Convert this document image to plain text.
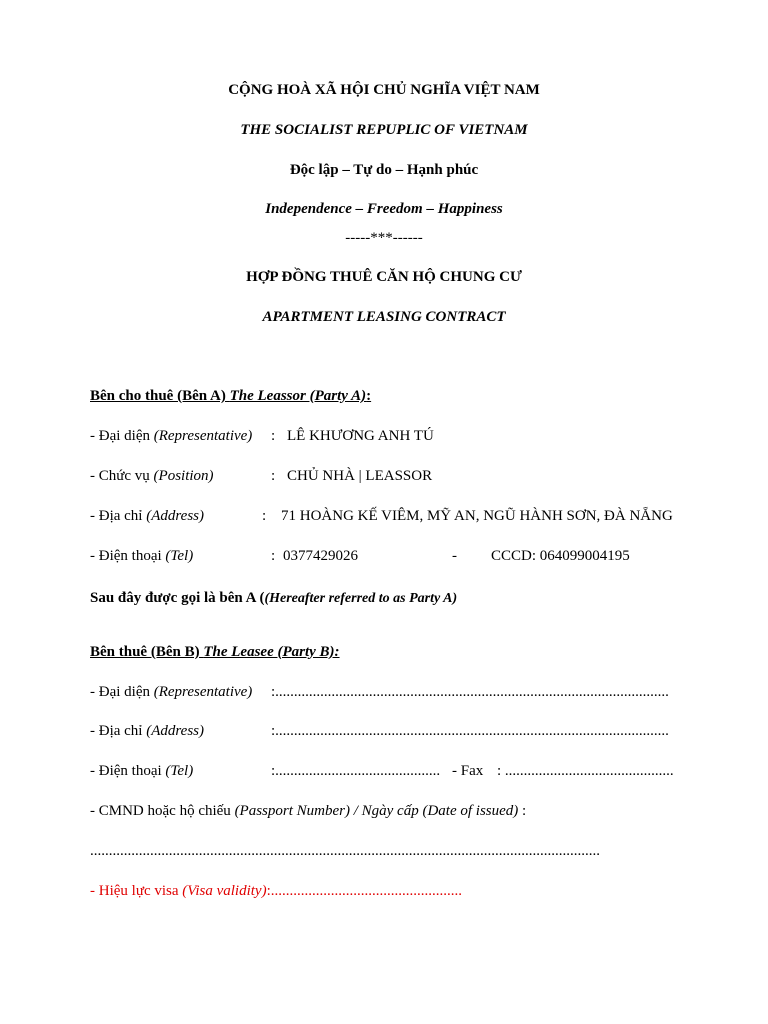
CỘNG HOÀ XÃ HỘI CHỦ NGHĨA VIỆT NAM
THE SOCIALIST REPUPLIC OF VIETNAM
Độc lập – Tự do – Hạnh phúc
Independence – Freedom – Happiness
-----***------
HỢP ĐỒNG THUÊ CĂN HỘ CHUNG CƯ
APARTMENT LEASING CONTRACT
Bên cho thuê (Bên A) The Leassor (Party A):
- Đại diện (Representative) : LÊ KHƯƠNG ANH TÚ
- Chức vụ (Position)	: CHỦ NHÀ | LEASSOR
- Địa chỉ (Address)	: 71 HOÀNG KẾ VIÊM, MỸ AN, NGŨ HÀNH SƠN, ĐÀ NẴNG
- Điện thoại (Tel)	: 0377429026	- CCCD: 064099004195
Sau đây được gọi là bên A ((Hereafter referred to as Party A)
Bên thuê (Bên B) The Leasee (Party B):
- Đại diện (Representative) :.........................................................................................................
- Địa chỉ (Address)	:.........................................................................................................
- Điện thoại (Tel)	:............................................ - Fax : .............................................
- CMND hoặc hộ chiếu (Passport Number) / Ngày cấp (Date of issued) :
........................................................................................................................................
- Hiệu lực visa (Visa validity):...................................................
